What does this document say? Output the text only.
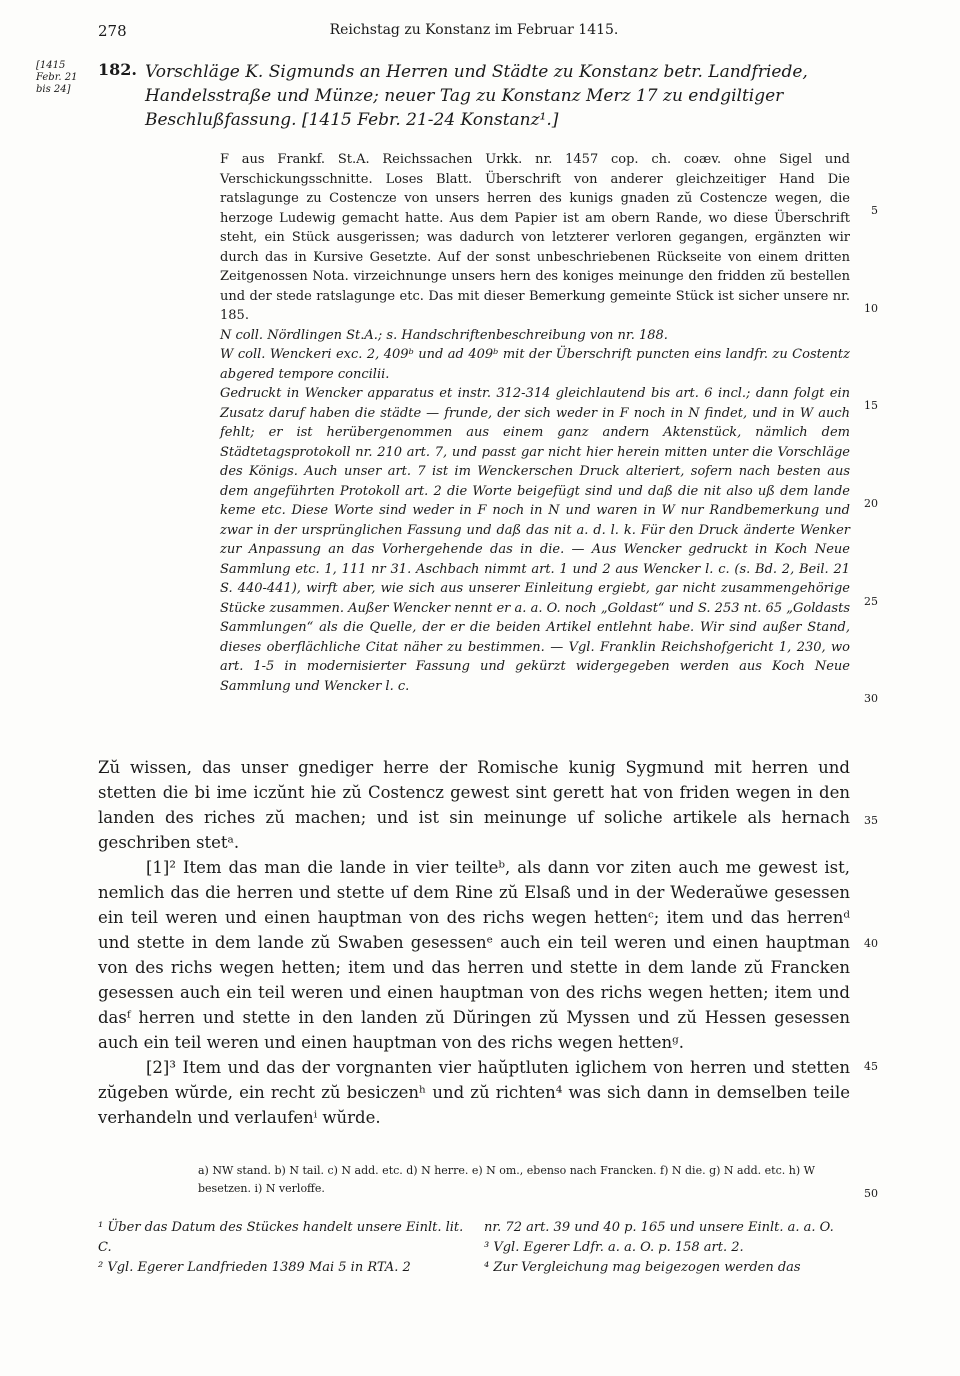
278	Reichstag zu Konstanz im Februar 1415.
[1415 Febr. 21 bis 24]
182. Vorschläge K. Sigmunds an Herren und Städte zu Konstanz betr. Landfriede, Handelsstraße und Münze; neuer Tag zu Konstanz Merz 17 zu endgiltiger Beschlußfassung. [1415 Febr. 21-24 Konstanz¹.]

F aus Frankf. St.A. Reichssachen Urkk. nr. 1457 cop. ch. coæv. ohne Sigel und Verschickungsschnitte. Loses Blatt. Überschrift von anderer gleichzeitiger Hand Die ratslagunge zu Costencze von unsers herren des kunigs gnaden zŭ Costencze wegen, die herzoge Ludewig gemacht hatte. Aus dem Papier ist am obern Rande, wo diese Überschrift steht, ein Stück ausgerissen; was dadurch von letzterer verloren gegangen, ergänzten wir durch das in Kursive Gesetzte. Auf der sonst unbeschriebenen Rückseite von einem dritten Zeitgenossen Nota. virzeichnunge unsers hern des koniges meinunge den fridden zŭ bestellen und der stede ratslagunge etc. Das mit dieser Bemerkung gemeinte Stück ist sicher unsere nr. 185.

N coll. Nördlingen St.A.; s. Handschriftenbeschreibung von nr. 188.

W coll. Wenckeri exc. 2, 409ᵇ und ad 409ᵇ mit der Überschrift puncten eins landfr. zu Costentz abgered tempore concilii.

Gedruckt in Wencker apparatus et instr. 312-314 gleichlautend bis art. 6 incl.; dann folgt ein Zusatz daruf haben die städte — frunde, der sich weder in F noch in N findet, und in W auch fehlt; er ist herübergenommen aus einem ganz andern Aktenstück, nämlich dem Städtetagsprotokoll nr. 210 art. 7, und passt gar nicht hier herein mitten unter die Vorschläge des Königs. Auch unser art. 7 ist im Wenckerschen Druck alteriert, sofern nach besten aus dem angeführten Protokoll art. 2 die Worte beigefügt sind und daß die nit also uß dem lande keme etc. Diese Worte sind weder in F noch in N und waren in W nur Randbemerkung und zwar in der ursprünglichen Fassung und daß das nit a. d. l. k. Für den Druck änderte Wenker zur Anpassung an das Vorhergehende das in die. — Aus Wencker gedruckt in Koch Neue Sammlung etc. 1, 111 nr 31. Aschbach nimmt art. 1 und 2 aus Wencker l. c. (s. Bd. 2, Beil. 21 S. 440-441), wirft aber, wie sich aus unserer Einleitung ergiebt, gar nicht zusammengehörige Stücke zusammen. Außer Wencker nennt er a. a. O. noch „Goldast“ und S. 253 nt. 65 „Goldasts Sammlungen“ als die Quelle, der er die beiden Artikel entlehnt habe. Wir sind außer Stand, dieses oberflächliche Citat näher zu bestimmen. — Vgl. Franklin Reichshofgericht 1, 230, wo art. 1-5 in modernisierter Fassung und gekürzt widergegeben werden aus Koch Neue Sammlung und Wencker l. c.

Zŭ wissen, das unser gnediger herre der Romische kunig Sygmund mit herren und stetten die bi ime iczŭnt hie zŭ Costencz gewest sint gerett hat von friden wegen in den landen des riches zŭ machen; und ist sin meinunge uf soliche artikele als hernach geschriben stetᵃ.

[1]² Item das man die lande in vier teilteᵇ, als dann vor ziten auch me gewest ist, nemlich das die herren und stette uf dem Rine zŭ Elsaß und in der Wederaŭwe gesessen ein teil weren und einen hauptman von des richs wegen hettenᶜ; item und das herrenᵈ und stette in dem lande zŭ Swaben gesessenᵉ auch ein teil weren und einen hauptman von des richs wegen hetten; item und das herren und stette in dem lande zŭ Francken gesessen auch ein teil weren und einen hauptman von des richs wegen hetten; item und dasᶠ herren und stette in den landen zŭ Dŭringen zŭ Myssen und zŭ Hessen gesessen auch ein teil weren und einen hauptman von des richs wegen hettenᵍ.

[2]³ Item und das der vorgnanten vier haŭptluten iglichem von herren und stetten zŭgeben wŭrde, ein recht zŭ besiczenʰ und zŭ richten⁴ was sich dann in demselben teile verhandeln und verlaufenⁱ wŭrde.

5
10
15
20
25
30
35
40
45
50
a) NW stand. b) N tail. c) N add. etc. d) N herre. e) N om., ebenso nach Francken. f) N die. g) N add. etc. h) W besetzen. i) N verloffe.

¹ Über das Datum des Stückes handelt unsere Einlt. lit. C.

² Vgl. Egerer Landfrieden 1389 Mai 5 in RTA. 2

nr. 72 art. 39 und 40 p. 165 und unsere Einlt. a. a. O.

³ Vgl. Egerer Ldfr. a. a. O. p. 158 art. 2.

⁴ Zur Vergleichung mag beigezogen werden das
